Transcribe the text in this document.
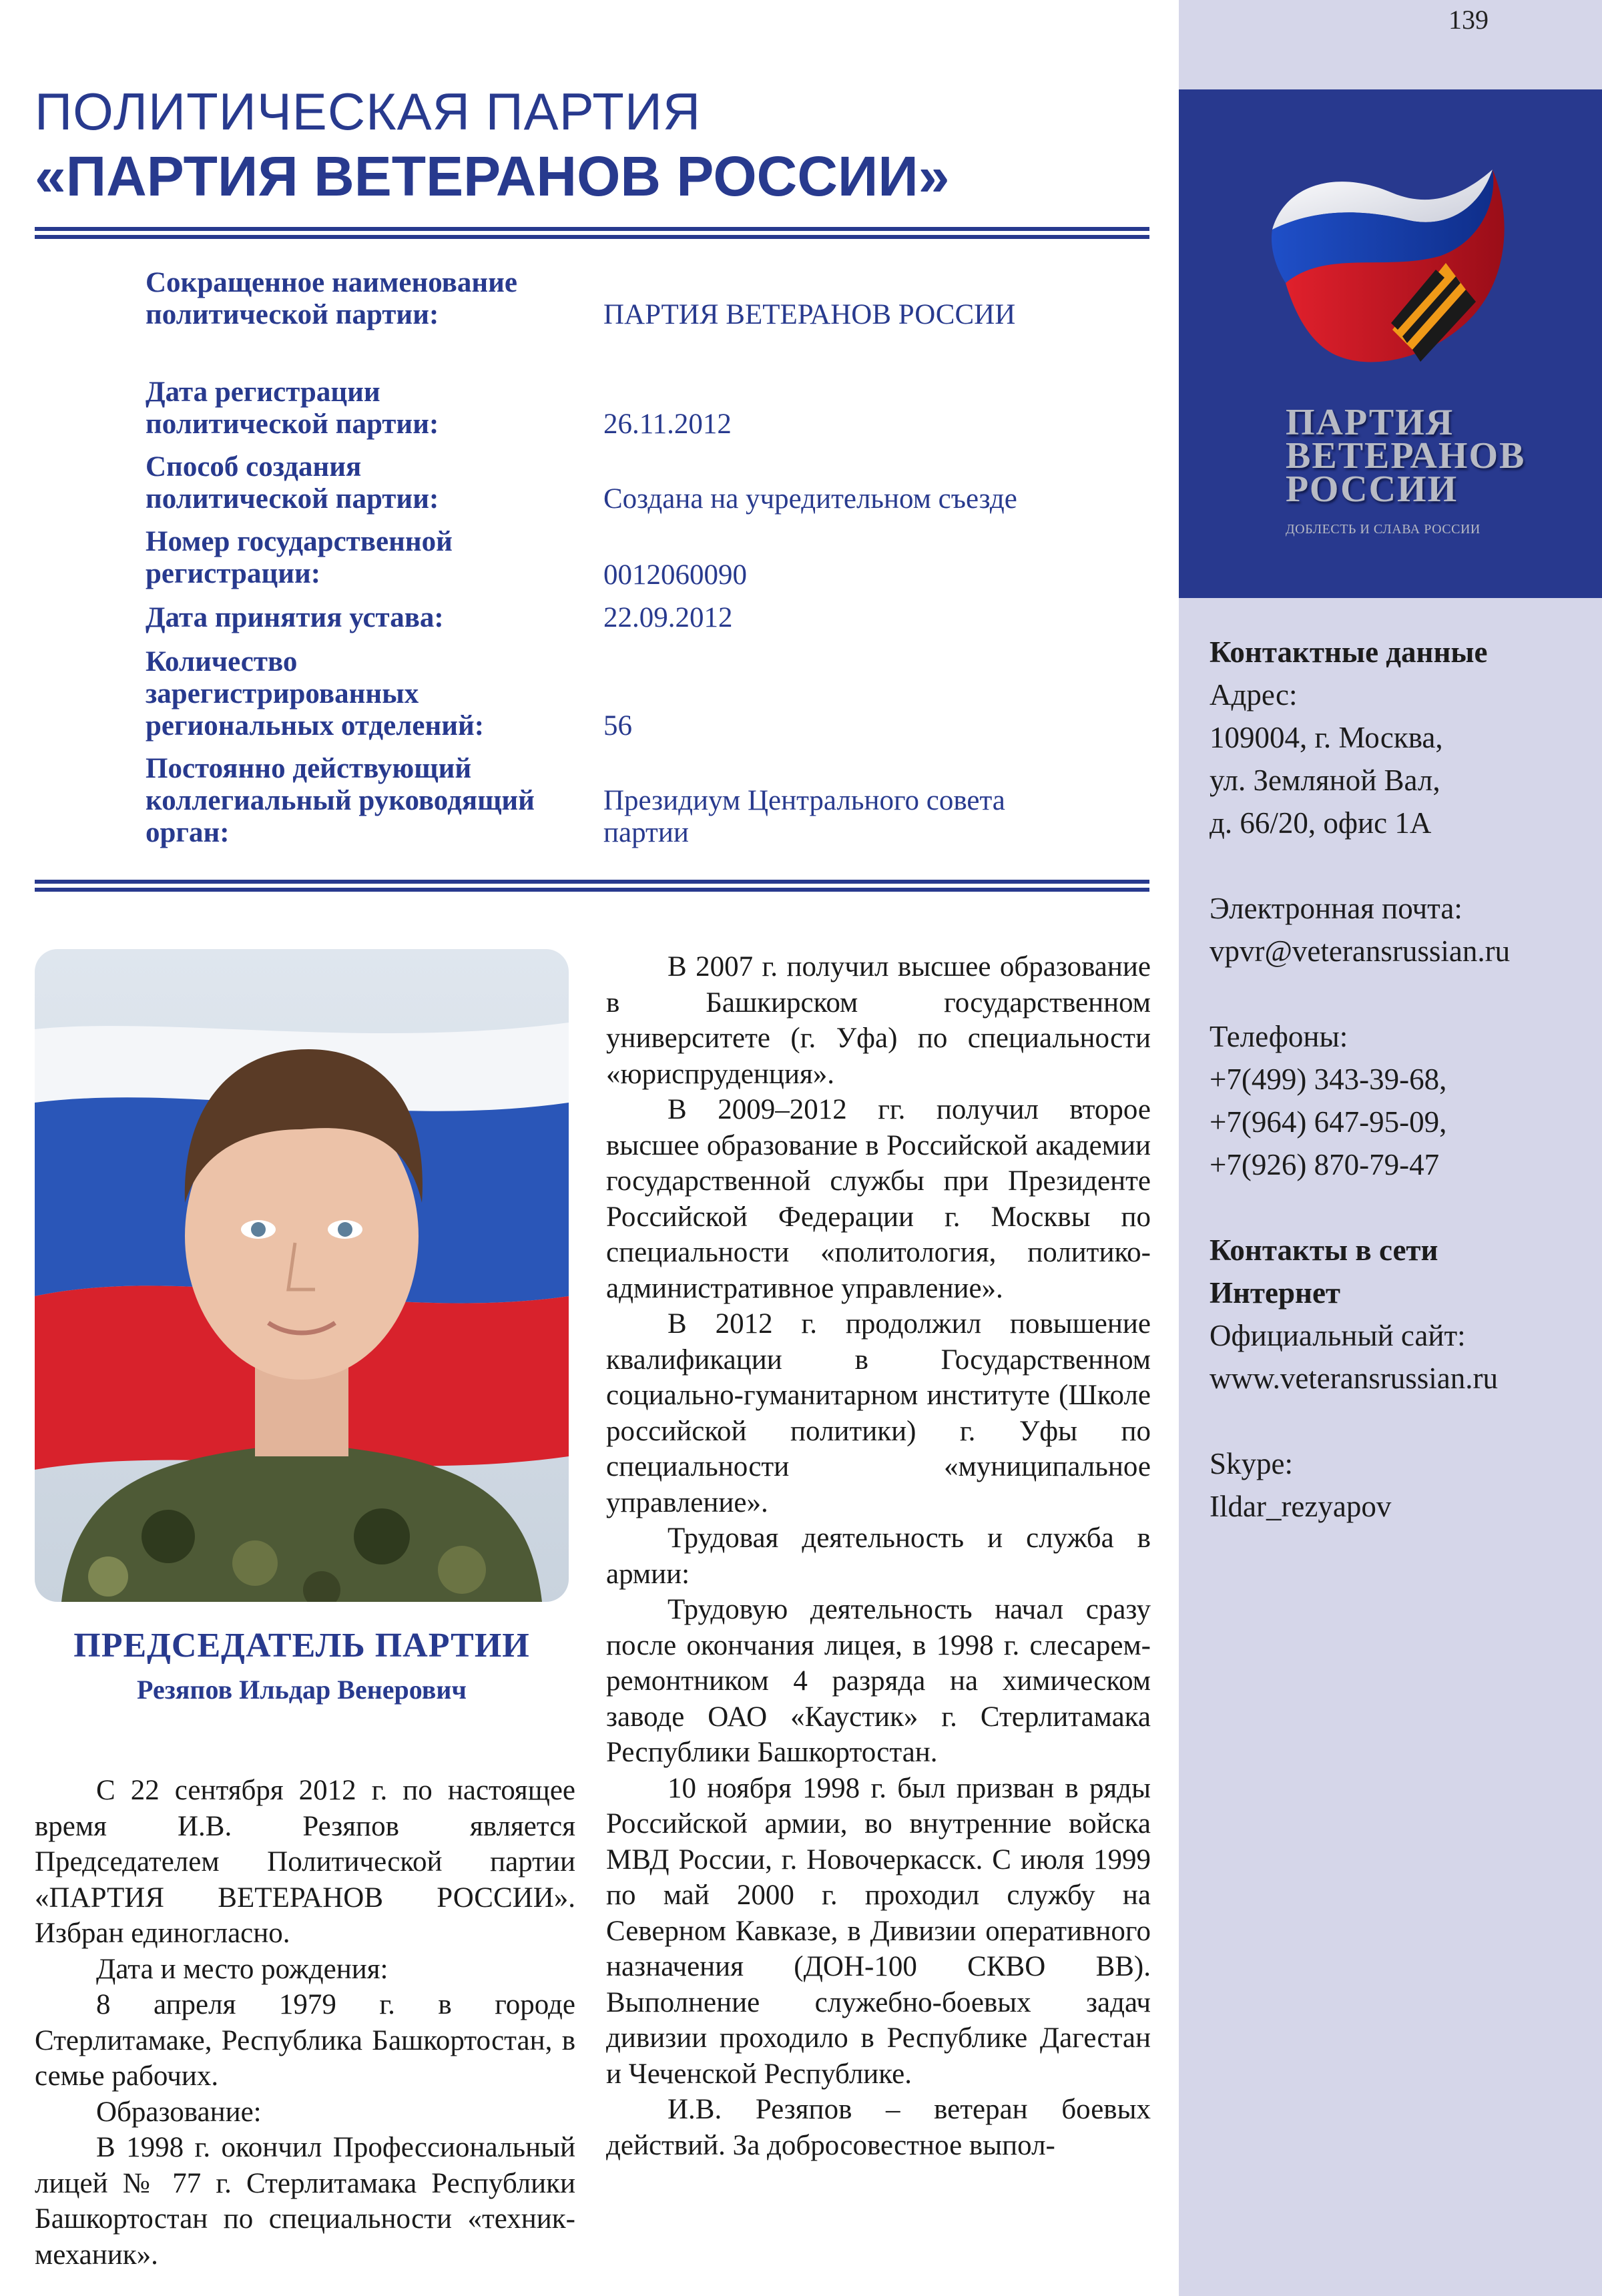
139
ПАРТИЯ
ВЕТЕРАНОВ
РОССИИ
ДОБЛЕСТЬ И СЛАВА РОССИИ
Контактные данные
Адрес:
109004, г. Москва,
ул. Земляной Вал,
д. 66/20, офис 1А
Электронная почта:
vpvr@veteransrussian.ru
Телефоны:
+7(499) 343-39-68,
+7(964) 647-95-09,
+7(926) 870-79-47
Контакты в сети
Интернет
Официальный сайт:
www.veteransrussian.ru
Skype:
Ildar_rezyapov
ПОЛИТИЧЕСКАЯ ПАРТИЯ
«ПАРТИЯ ВЕТЕРАНОВ РОССИИ»
Сокращенное наименование
политической партии:	ПАРТИЯ ВЕТЕРАНОВ РОССИИ
Дата регистрации
политической партии:	26.11.2012
Способ создания
политической партии:	Создана на учредительном съезде
Номер государственной
регистрации:	0012060090
Дата принятия устава:	22.09.2012
Количество
зарегистрированных
региональных отделений:	56
Постоянно действующий
коллегиальный руководящий
орган:
Президиум Центрального совета
партии
ПРЕДСЕДАТЕЛЬ ПАРТИИ
Резяпов Ильдар Венерович

С 22 сентября 2012 г. по настоящее время И.В. Резяпов является Председателем Политической партии «ПАРТИЯ ВЕТЕРАНОВ РОССИИ». Избран единогласно.

Дата и место рождения:

8 апреля 1979 г. в городе Стерлитамаке, Республика Башкортостан, в семье рабочих.

Образование:

В 1998 г. окончил Профессиональный лицей № 77 г. Стерлитамака Республики Башкортостан по специальности «техник-механик».

В 2007 г. получил высшее образование в Башкирском государственном университете (г. Уфа) по специальности «юриспруденция».

В 2009–2012 гг. получил второе высшее образование в Российской академии государственной службы при Президенте Российской Федерации г. Москвы по специальности «политология, политико-административное управление».

В 2012 г. продолжил повышение квалификации в Государственном социально-гуманитарном институте (Школе российской политики) г. Уфы по специальности «муниципальное управление».

Трудовая деятельность и служба в армии:

Трудовую деятельность начал сразу после окончания лицея, в 1998 г. слесарем-ремонтником 4 разряда на химическом заводе ОАО «Каустик» г. Стерлитамака Республики Башкортостан.

10 ноября 1998 г. был призван в ряды Российской армии, во внутренние войска МВД России, г. Новочеркасск. С июля 1999 по май 2000 г. проходил службу на Северном Кавказе, в Дивизии оперативного назначения (ДОН-100 СКВО ВВ). Выполнение служебно-боевых задач дивизии проходило в Республике Дагестан и Чеченской Республике.

И.В. Резяпов – ветеран боевых действий. За добросовестное выпол-
